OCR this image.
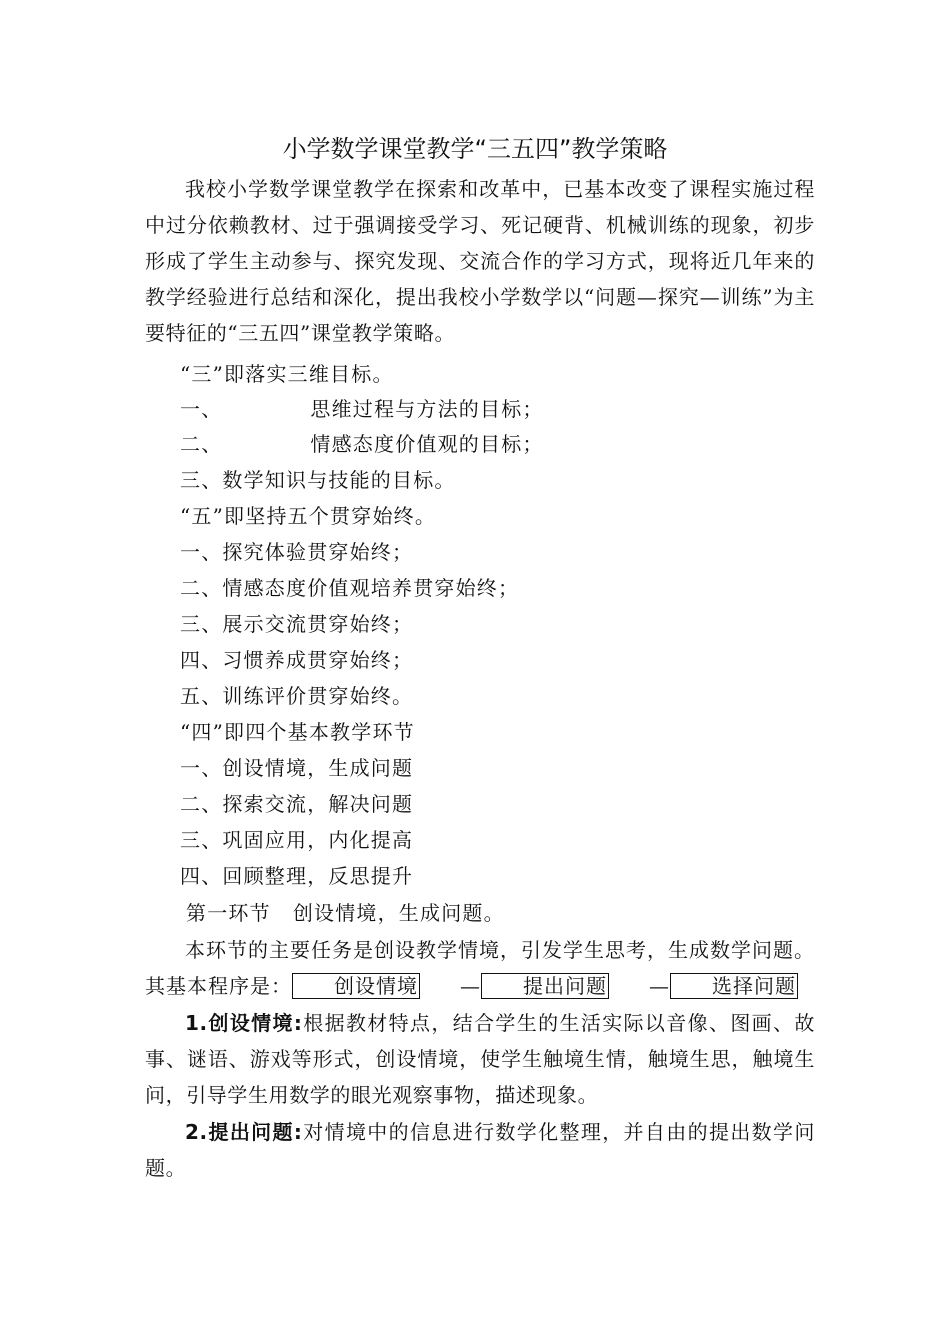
小学数学课堂教学“三五四”教学策略

我校小学数学课堂教学在探索和改革中，已基本改变了课程实施过程中过分依赖教材、过于强调接受学习、死记硬背、机械训练的现象，初步形成了学生主动参与、探究发现、交流合作的学习方式，现将近几年来的教学经验进行总结和深化，提出我校小学数学以“问题—探究—训练”为主要特征的“三五四”课堂教学策略。

“三”即落实三维目标。

一、	思维过程与方法的目标；

二、	情感态度价值观的目标；

三、数学知识与技能的目标。

“五”即坚持五个贯穿始终。

一、探究体验贯穿始终；

二、情感态度价值观培养贯穿始终；

三、展示交流贯穿始终；

四、习惯养成贯穿始终；

五、训练评价贯穿始终。

“四”即四个基本教学环节

一、创设情境，生成问题

二、探索交流，解决问题

三、巩固应用，内化提高

四、回顾整理，反思提升

第一环节 创设情境，生成问题。

本环节的主要任务是创设教学情境，引发学生思考，生成数学问题。其基本程序是： 创设情境 — 提出问题 — 选择问题

1.创设情境:根据教材特点，结合学生的生活实际以音像、图画、故事、谜语、游戏等形式，创设情境，使学生触境生情，触境生思，触境生问，引导学生用数学的眼光观察事物，描述现象。

2.提出问题:对情境中的信息进行数学化整理，并自由的提出数学问题。
